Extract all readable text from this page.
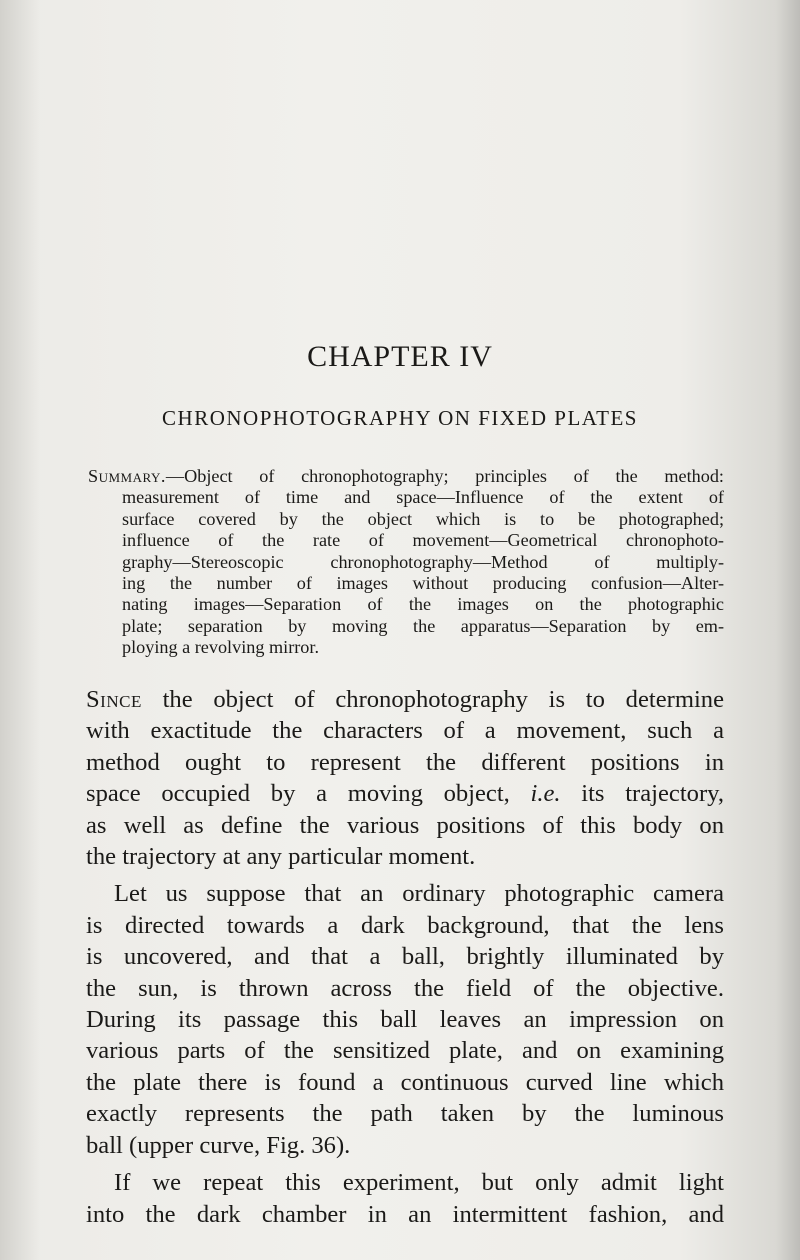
CHAPTER IV
CHRONOPHOTOGRAPHY ON FIXED PLATES
Summary.—Object of chronophotography; principles of the method:
measurement of time and space—Influence of the extent of
surface covered by the object which is to be photographed;
influence of the rate of movement—Geometrical chronophoto-
graphy—Stereoscopic chronophotography—Method of multiply-
ing the number of images without producing confusion—Alter-
nating images—Separation of the images on the photographic
plate; separation by moving the apparatus—Separation by em-
ploying a revolving mirror.
Since the object of chronophotography is to determine
with exactitude the characters of a movement, such a
method ought to represent the different positions in
space occupied by a moving object, i.e. its trajectory,
as well as define the various positions of this body on
the trajectory at any particular moment.
Let us suppose that an ordinary photographic camera
is directed towards a dark background, that the lens
is uncovered, and that a ball, brightly illuminated by
the sun, is thrown across the field of the objective.
During its passage this ball leaves an impression on
various parts of the sensitized plate, and on examining
the plate there is found a continuous curved line which
exactly represents the path taken by the luminous
ball (upper curve, Fig. 36).
If we repeat this experiment, but only admit light
into the dark chamber in an intermittent fashion, and
